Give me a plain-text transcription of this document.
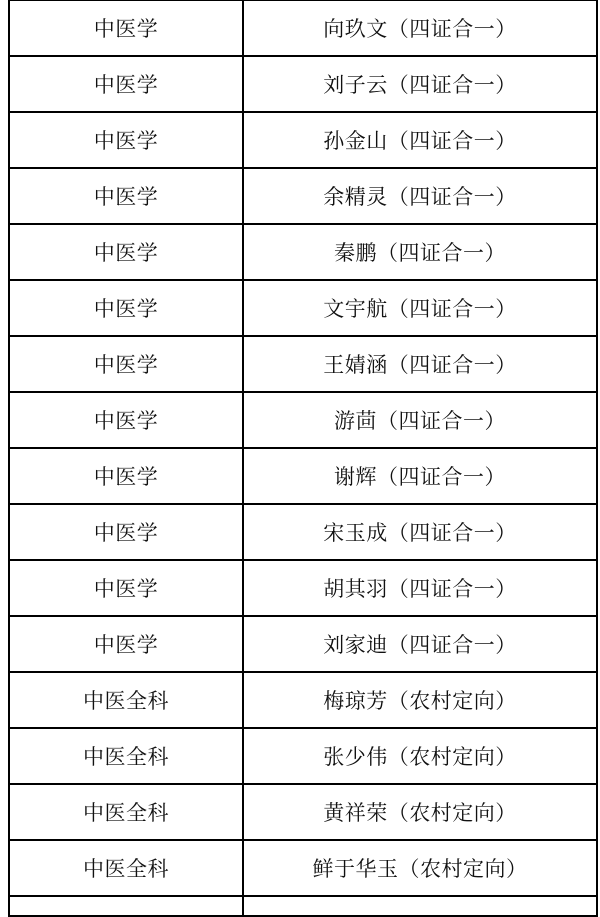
中医学	向玖文（四证合一）
中医学	刘子云（四证合一）
中医学	孙金山（四证合一）
中医学	余精灵（四证合一）
中医学	秦鹏（四证合一）
中医学	文宇航（四证合一）
中医学	王婧涵（四证合一）
中医学	游茴（四证合一）
中医学	谢辉（四证合一）
中医学	宋玉成（四证合一）
中医学	胡其羽（四证合一）
中医学	刘家迪（四证合一）
中医全科	梅琼芳（农村定向）
中医全科	张少伟（农村定向）
中医全科	黄祥荣（农村定向）
中医全科	鲜于华玉（农村定向）
